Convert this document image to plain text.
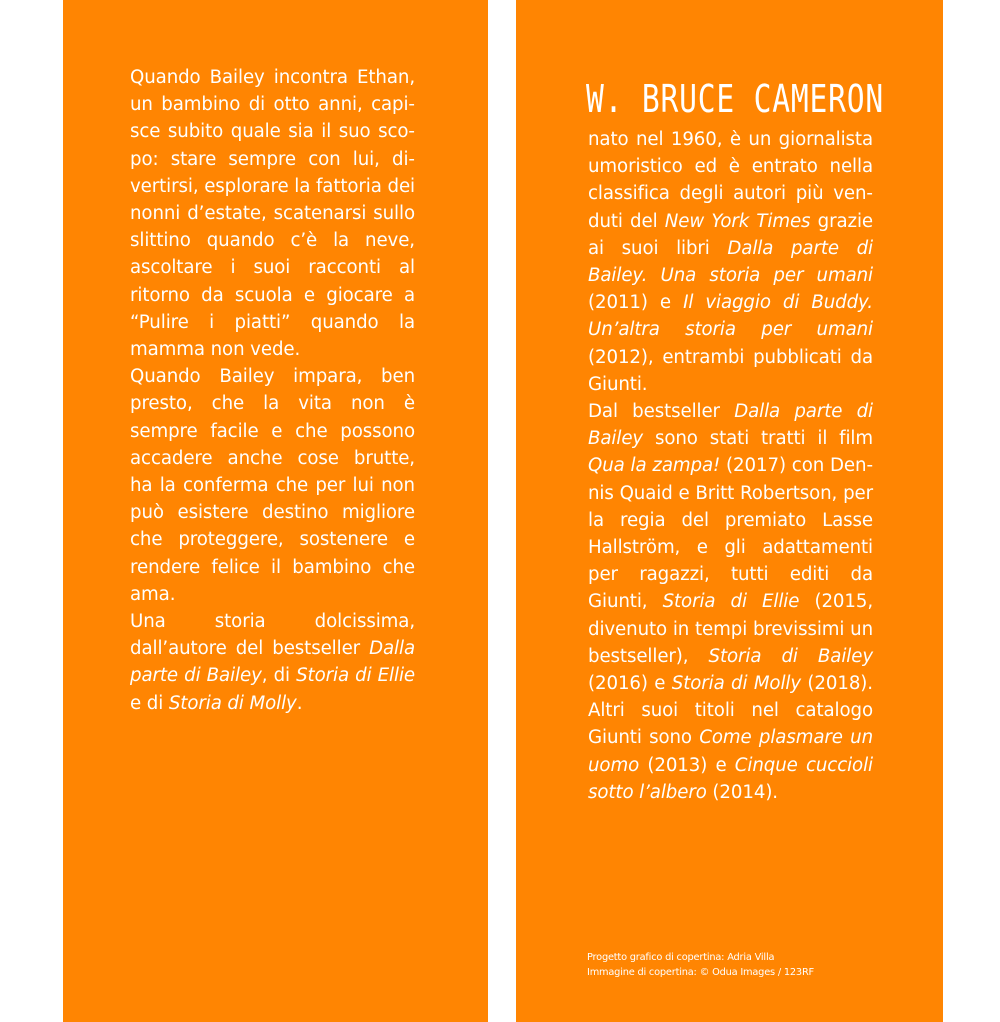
Quando Bailey incontra Ethan, un bambino di otto anni, capisce subito quale sia il suo scopo: stare sempre con lui, divertirsi, esplorare la fattoria dei nonni d’estate, scatenarsi sullo slittino quando c’è la neve, ascoltare i suoi racconti al ritorno da scuola e giocare a “Pulire i piatti” quando la mamma non vede.

Quando Bailey impara, ben presto, che la vita non è sempre facile e che possono accadere anche cose brutte, ha la conferma che per lui non può esistere destino migliore che proteggere, sostenere e rendere felice il bambino che ama.

Una storia dolcissima, dall’autore del bestseller Dalla parte di Bailey, di Storia di Ellie e di Storia di Molly.

W. BRUCE CAMERON

nato nel 1960, è un giornalista umoristico ed è entrato nella classifica degli autori più venduti del New York Times grazie ai suoi libri Dalla parte di Bailey. Una storia per umani (2011) e Il viaggio di Buddy. Un’altra storia per umani (2012), entrambi pubblicati da Giunti.

Dal bestseller Dalla parte di Bailey sono stati tratti il film Qua la zampa! (2017) con Dennis Quaid e Britt Robertson, per la regia del premiato Lasse Hallström, e gli adattamenti per ragazzi, tutti editi da Giunti, Storia di Ellie (2015, divenuto in tempi brevissimi un bestseller), Storia di Bailey (2016) e Storia di Molly (2018). Altri suoi titoli nel catalogo Giunti sono Come plasmare un uomo (2013) e Cinque cuccioli sotto l’albero (2014).

Progetto grafico di copertina: Adria Villa
Immagine di copertina: © Odua Images / 123RF
